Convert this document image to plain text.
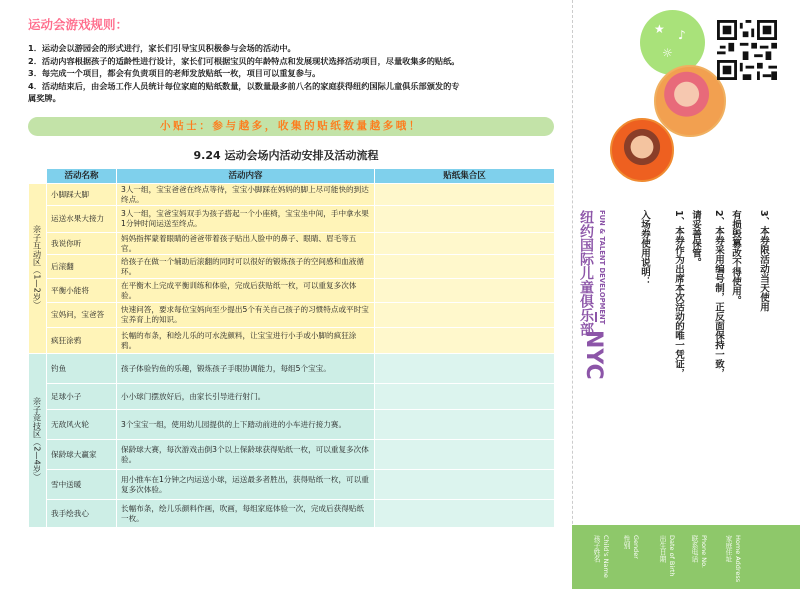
运动会游戏规则：
1．运动会以游园会的形式进行，家长们引导宝贝积极参与会场的活动中。
2．活动内容根据孩子的适龄性进行设计，家长们可根据宝贝的年龄特点和发展现状选择活动项目，尽量收集多的贴纸。
3．每完成一个项目，都会有负责项目的老师发放贴纸一枚，项目可以重复参与。
4．活动结束后，由会场工作人员统计每位家庭的贴纸数量，以数量最多前八名的家庭获得纽约国际儿童俱乐部颁发的专
属奖牌。
小贴士：参与越多，收集的贴纸数量越多哦！
9.24 运动会场内活动安排及活动流程
	活动名称	活动内容	贴纸集合区
亲子互动区（1—2岁）	小脚踩大脚	3人一组，宝宝爸爸在终点等待，宝宝小脚踩在妈妈的脚上尽可能快的到达终点。	
	运送水果大接力	3人一组，宝爸宝妈双手为孩子搭起一个小座椅，宝宝坐中间，手中拿水果1分钟时间运送至终点。	
	我说你听	妈妈指挥蒙着眼睛的爸爸带着孩子贴出人脸中的鼻子、眼睛、眉毛等五官。	
	后滚翻	给孩子在做一个辅助后滚翻的同时可以很好的锻炼孩子的空间感和血液循环。	
	平衡小能将	在平衡木上完成平衡训练和体验，完成后获贴纸一枚，可以重复多次体验。	
	宝妈问，宝爸答	快速问答，要求每位宝妈向至少提出5个有关自己孩子的习惯特点或平时宝宝养育上的知识。	
	疯狂涂鸦	长幅的布条，和绘儿乐的可水洗颜料，让宝宝进行小手或小脚的疯狂涂鸦。	
亲子竞技区（2—4岁）	钓鱼	孩子体验钓鱼的乐趣，锻炼孩子手眼协调能力，每组5个宝宝。	
	足球小子	小小球门摆放好后，由家长引导进行射门。	
	无敌风火轮	3个宝宝一组，使用幼儿园提供的上下踏动前进的小车进行接力赛。	
	保龄球大赢家	保龄球大赛，每次游戏击倒3个以上保龄球获得贴纸一枚，可以重复多次体验。	
	雪中送暖	用小推车在1分钟之内运送小球，运送最多者胜出，获得贴纸一枚，可以重复多次体验。	
	我手绘我心	长幅布条，绘儿乐颜料作画，吹画，每组家庭体验一次，完成后获得贴纸一枚。	
★ ♪
☼
NYC
纽约国际儿童俱乐部 FUN & TALENT DEVELOPMENT	入场券使用说明： 1、本券作为出席本次活动的唯一凭证， 请妥善保管。 2、本券采用编号制，正反面保持一致， 有损毁篡改不得使用。 3、本券限活动当天使用
孩子姓名 Child's Name 性别 Gender	出生日期 Date of Birth 联系电话 Phone No. 家庭住址 Home Address
